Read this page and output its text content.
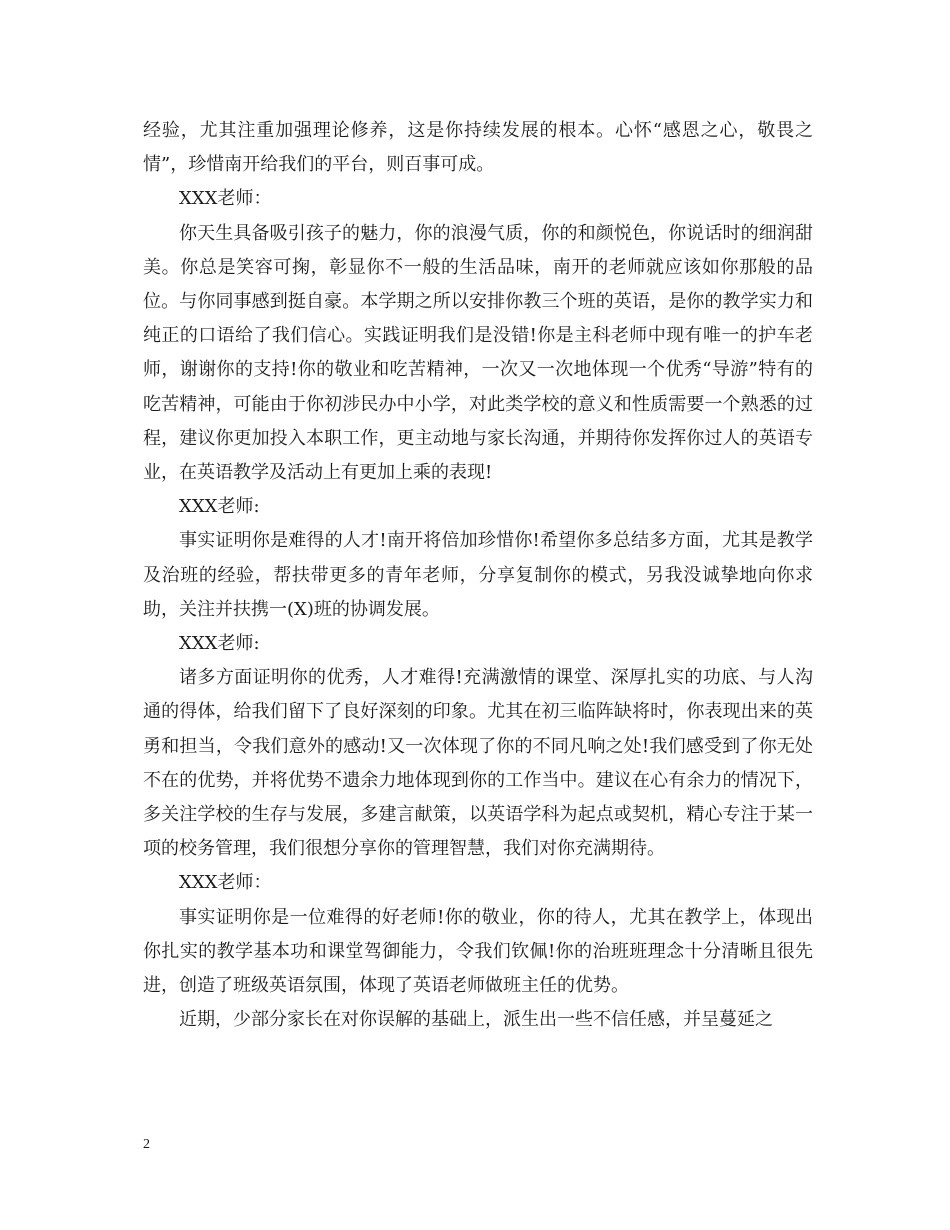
经验，尤其注重加强理论修养，这是你持续发展的根本。心怀“感恩之心，敬畏之情”，珍惜南开给我们的平台，则百事可成。

XXX老师：

你天生具备吸引孩子的魅力，你的浪漫气质，你的和颜悦色，你说话时的细润甜美。你总是笑容可掬，彰显你不一般的生活品味，南开的老师就应该如你那般的品位。与你同事感到挺自豪。本学期之所以安排你教三个班的英语，是你的教学实力和纯正的口语给了我们信心。实践证明我们是没错!你是主科老师中现有唯一的护车老师，谢谢你的支持!你的敬业和吃苦精神，一次又一次地体现一个优秀“导游”特有的吃苦精神，可能由于你初涉民办中小学，对此类学校的意义和性质需要一个熟悉的过程，建议你更加投入本职工作，更主动地与家长沟通，并期待你发挥你过人的英语专业，在英语教学及活动上有更加上乘的表现!

XXX老师:

事实证明你是难得的人才!南开将倍加珍惜你!希望你多总结多方面，尤其是教学及治班的经验，帮扶带更多的青年老师，分享复制你的模式，另我没诚挚地向你求助，关注并扶携一(X)班的协调发展。

XXX老师:

诸多方面证明你的优秀，人才难得!充满激情的课堂、深厚扎实的功底、与人沟通的得体，给我们留下了良好深刻的印象。尤其在初三临阵缺将时，你表现出来的英勇和担当，令我们意外的感动!又一次体现了你的不同凡响之处!我们感受到了你无处不在的优势，并将优势不遗余力地体现到你的工作当中。建议在心有余力的情况下，多关注学校的生存与发展，多建言献策，以英语学科为起点或契机，精心专注于某一项的校务管理，我们很想分享你的管理智慧，我们对你充满期待。

XXX老师：

事实证明你是一位难得的好老师!你的敬业，你的待人，尤其在教学上，体现出你扎实的教学基本功和课堂驾御能力，令我们钦佩!你的治班班理念十分清晰且很先进，创造了班级英语氛围，体现了英语老师做班主任的优势。

近期，少部分家长在对你误解的基础上，派生出一些不信任感，并呈蔓延之

2
